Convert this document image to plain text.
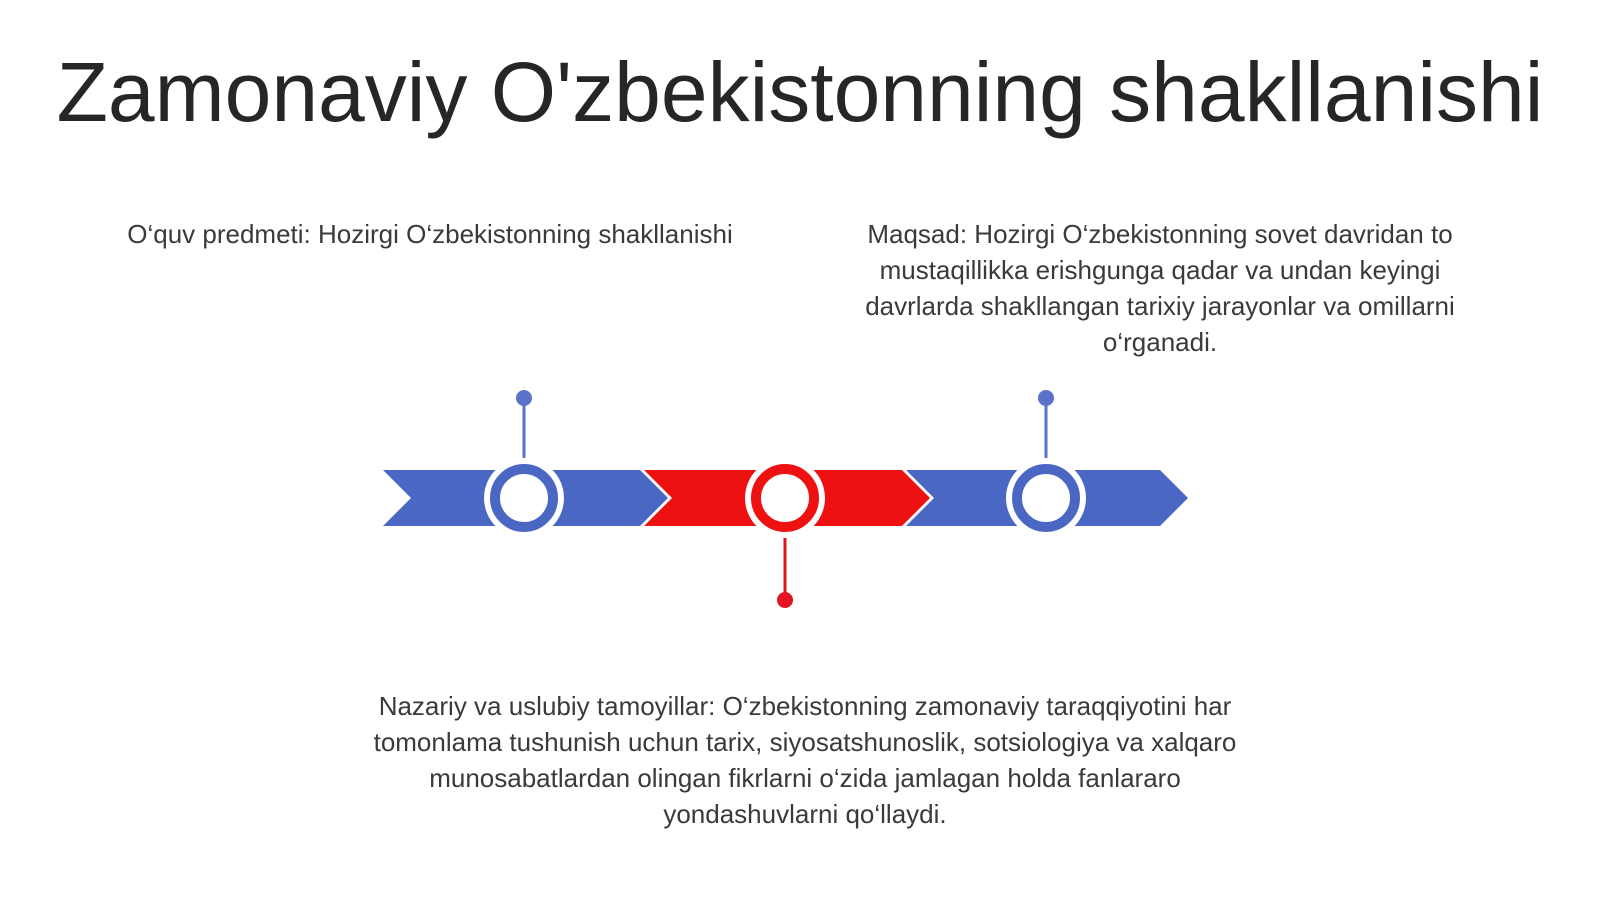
Zamonaviy O'zbekistonning shakllanishi
O‘quv predmeti: Hozirgi O‘zbekistonning shakllanishi	Maqsad: Hozirgi O‘zbekistonning sovet davridan to mustaqillikka erishgunga qadar va undan keyingi davrlarda shakllangan tarixiy jarayonlar va omillarni o‘rganadi.
Nazariy va uslubiy tamoyillar: O‘zbekistonning zamonaviy taraqqiyotini har tomonlama tushunish uchun tarix, siyosatshunoslik, sotsiologiya va xalqaro munosabatlardan olingan fikrlarni o‘zida jamlagan holda fanlararo yondashuvlarni qo‘llaydi.
